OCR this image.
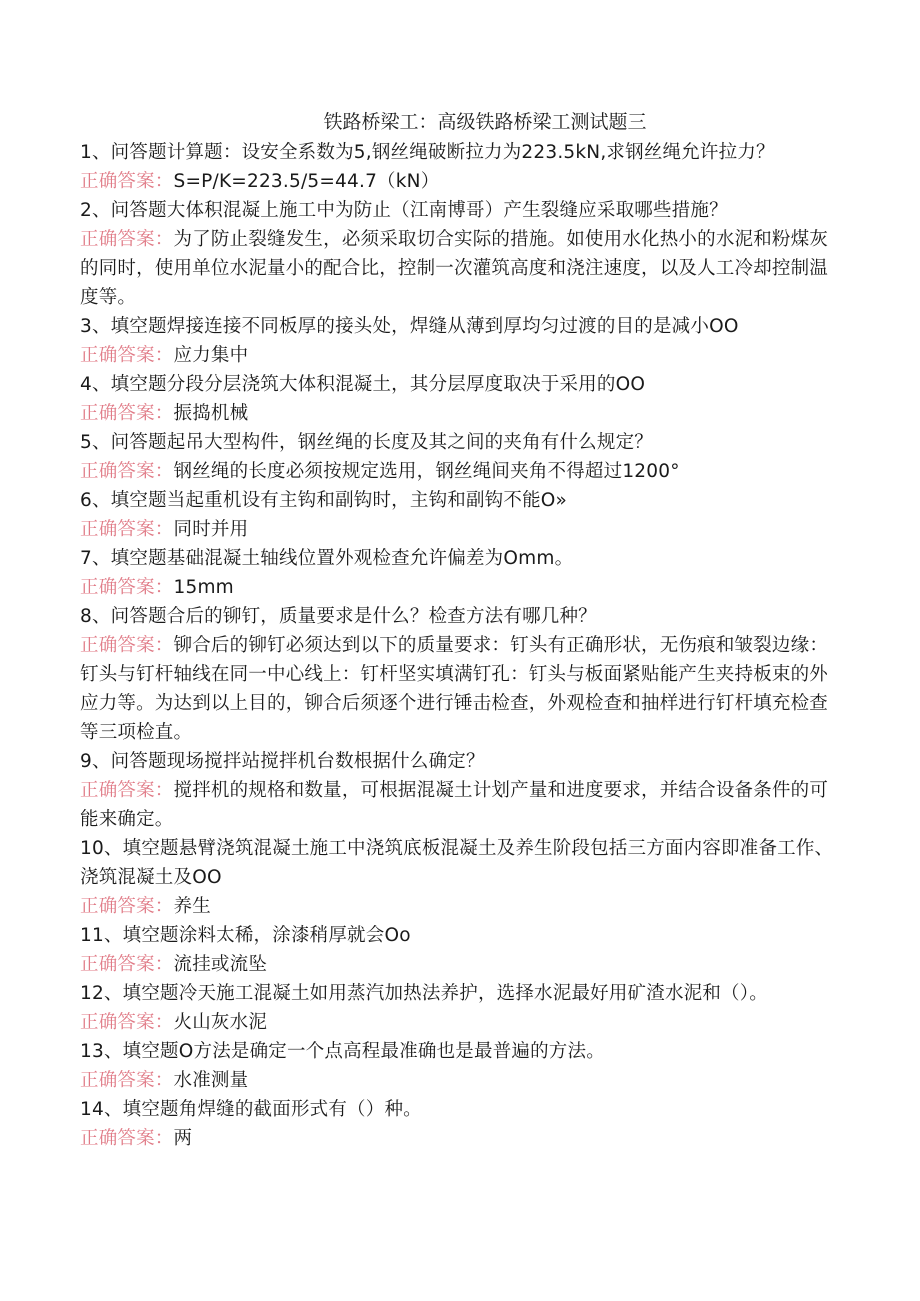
铁路桥梁工：高级铁路桥梁工测试题三

1、问答题计算题：设安全系数为5,钢丝绳破断拉力为223.5kN,求钢丝绳允许拉力？

正确答案：S=P/K=223.5/5=44.7（kN）

2、问答题大体积混凝上施工中为防止（江南博哥）产生裂缝应采取哪些措施？

正确答案：为了防止裂缝发生，必须采取切合实际的措施。如使用水化热小的水泥和粉煤灰的同时，使用单位水泥量小的配合比，控制一次灌筑高度和浇注速度，以及人工冷却控制温度等。

3、填空题焊接连接不同板厚的接头处，焊缝从薄到厚均匀过渡的目的是减小OO

正确答案：应力集中

4、填空题分段分层浇筑大体积混凝土，其分层厚度取决于采用的OO

正确答案：振捣机械

5、问答题起吊大型构件，钢丝绳的长度及其之间的夹角有什么规定？

正确答案：钢丝绳的长度必须按规定选用，钢丝绳间夹角不得超过1200°

6、填空题当起重机设有主钩和副钩时，主钩和副钩不能O»

正确答案：同时并用

7、填空题基础混凝土轴线位置外观检查允许偏差为Omm。

正确答案：15mm

8、问答题合后的铆钉，质量要求是什么？检查方法有哪几种？

正确答案：铆合后的铆钉必须达到以下的质量要求：钉头有正确形状，无伤痕和皱裂边缘：钉头与钉杆轴线在同一中心线上：钉杆坚实填满钉孔：钉头与板面紧贴能产生夹持板束的外应力等。为达到以上目的，铆合后须逐个进行锤击检查，外观检查和抽样进行钉杆填充检查等三项检直。

9、问答题现场搅拌站搅拌机台数根据什么确定？

正确答案：搅拌机的规格和数量，可根据混凝土计划产量和进度要求，并结合设备条件的可能来确定。

10、填空题悬臂浇筑混凝土施工中浇筑底板混凝土及养生阶段包括三方面内容即准备工作、浇筑混凝土及OO

正确答案：养生

11、填空题涂料太稀，涂漆稍厚就会Oo

正确答案：流挂或流坠

12、填空题冷天施工混凝土如用蒸汽加热法养护，选择水泥最好用矿渣水泥和（）。

正确答案：火山灰水泥

13、填空题O方法是确定一个点高程最准确也是最普遍的方法。

正确答案：水准测量

14、填空题角焊缝的截面形式有（）种。

正确答案：两
